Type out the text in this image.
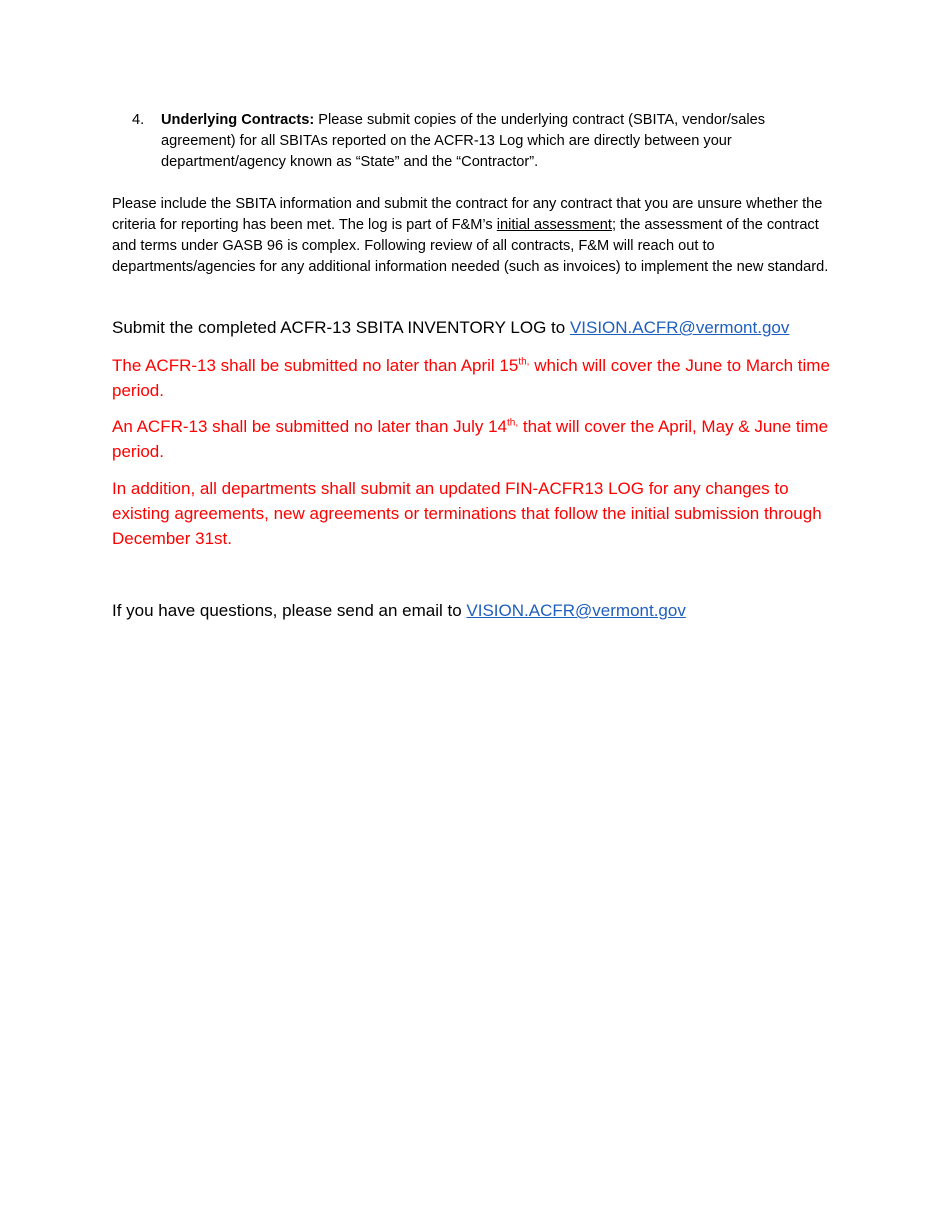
4. Underlying Contracts: Please submit copies of the underlying contract (SBITA, vendor/sales agreement) for all SBITAs reported on the ACFR-13 Log which are directly between your department/agency known as “State” and the “Contractor”.

Please include the SBITA information and submit the contract for any contract that you are unsure whether the criteria for reporting has been met. The log is part of F&M’s initial assessment; the assessment of the contract and terms under GASB 96 is complex. Following review of all contracts, F&M will reach out to departments/agencies for any additional information needed (such as invoices) to implement the new standard.

Submit the completed ACFR-13 SBITA INVENTORY LOG to VISION.ACFR@vermont.gov

The ACFR-13 shall be submitted no later than April $15^{th,}$ which will cover the June to March time period.

An ACFR-13 shall be submitted no later than July $14^{th,}$ that will cover the April, May & June time period.

In addition, all departments shall submit an updated FIN-ACFR13 LOG for any changes to existing agreements, new agreements or terminations that follow the initial submission through December 31st.

If you have questions, please send an email to VISION.ACFR@vermont.gov
